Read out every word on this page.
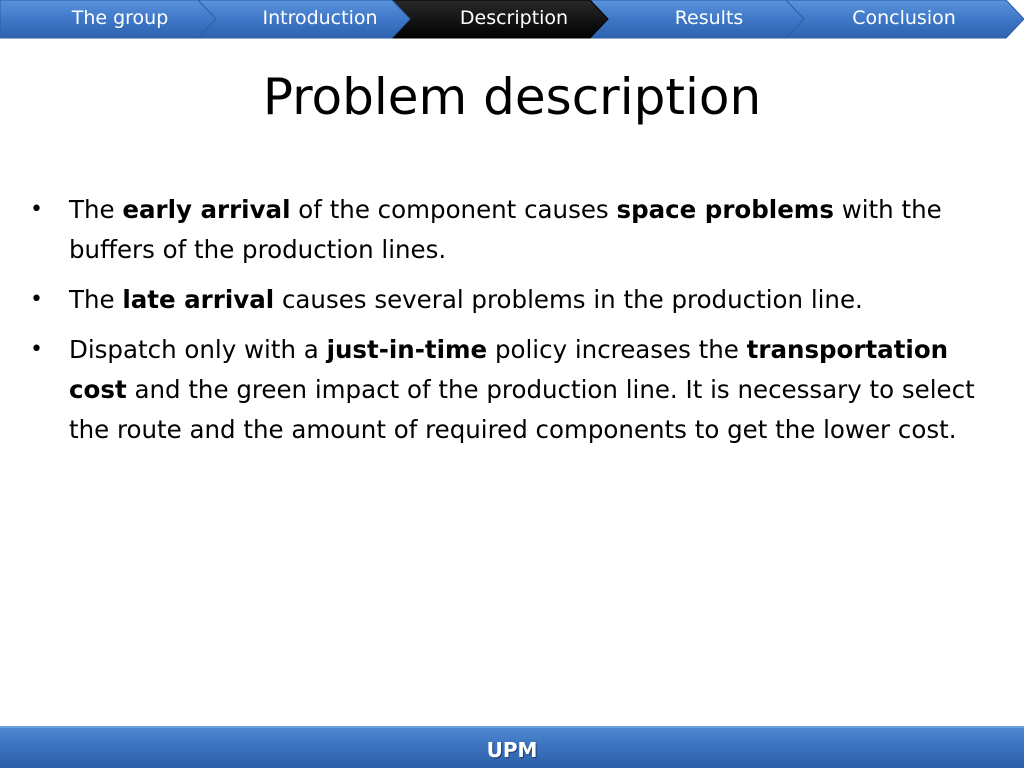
The group	Introduction	Description	Results	Conclusion
Problem description
• The early arrival of the component causes space problems with the buffers of the production lines.
• The late arrival causes several problems in the production line.
• Dispatch only with a just-in-time policy increases the transportation cost and the green impact of the production line. It is necessary to select the route and the amount of required components to get the lower cost.
UPM
